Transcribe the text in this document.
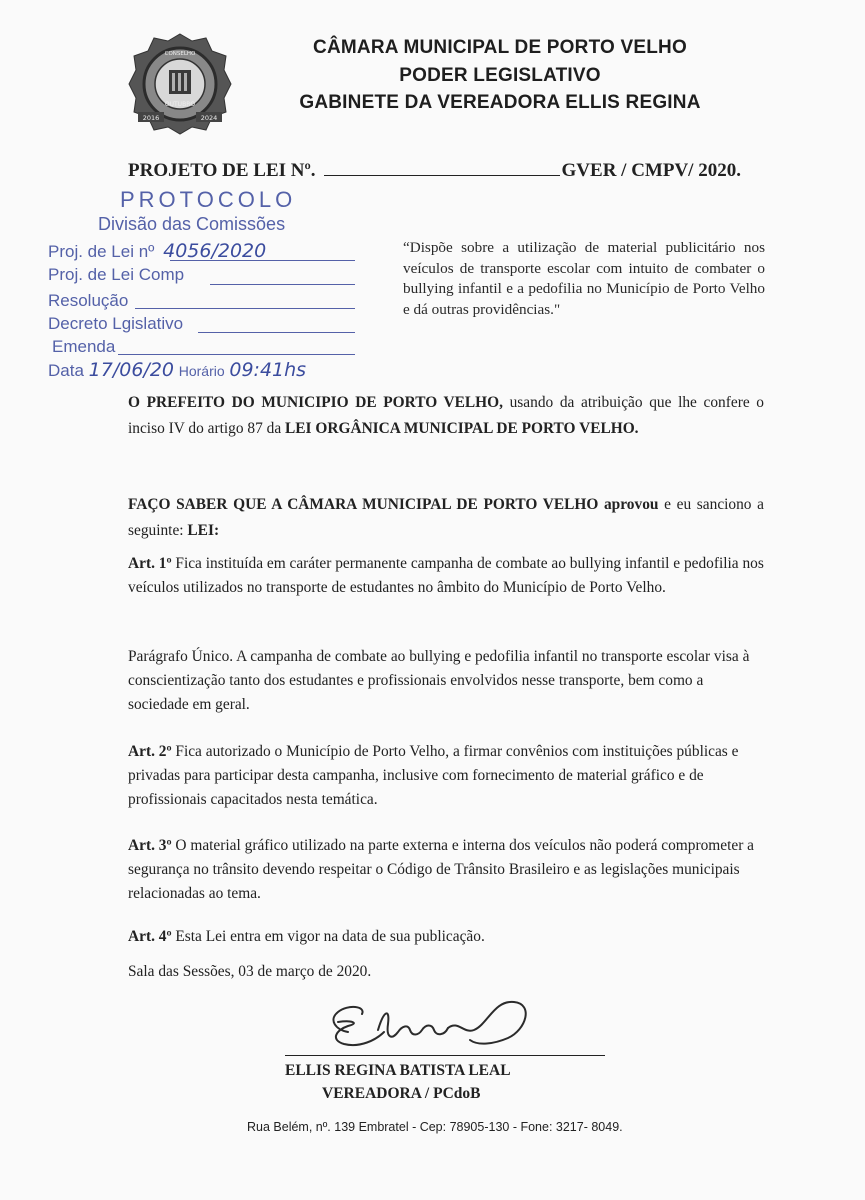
CONSELHO
OUTUBRO
2016	2024
CÂMARA MUNICIPAL DE PORTO VELHO
PODER LEGISLATIVO
GABINETE DA VEREADORA ELLIS REGINA
PROJETO DE LEI Nº.	GVER / CMPV/ 2020.
PROTOCOLO
Divisão das Comissões
Proj. de Lei nº 4056/2020
Proj. de Lei Comp
Resolução
Decreto Lgislativo
Emenda
Data 17/06/20 Horário 09:41hs
“Dispõe sobre a utilização de material publicitário nos veículos de transporte escolar com intuito de combater o bullying infantil e a pedofilia no Município de Porto Velho e dá outras providências."
O PREFEITO DO MUNICIPIO DE PORTO VELHO, usando da atribuição que lhe confere o inciso IV do artigo 87 da LEI ORGÂNICA MUNICIPAL DE PORTO VELHO.
FAÇO SABER QUE A CÂMARA MUNICIPAL DE PORTO VELHO aprovou e eu sanciono a seguinte: LEI:
Art. 1º Fica instituída em caráter permanente campanha de combate ao bullying infantil e pedofilia nos veículos utilizados no transporte de estudantes no âmbito do Município de Porto Velho.
Parágrafo Único. A campanha de combate ao bullying e pedofilia infantil no transporte escolar visa à conscientização tanto dos estudantes e profissionais envolvidos nesse transporte, bem como a sociedade em geral.
Art. 2º Fica autorizado o Município de Porto Velho, a firmar convênios com instituições públicas e privadas para participar desta campanha, inclusive com fornecimento de material gráfico e de profissionais capacitados nesta temática.
Art. 3º O material gráfico utilizado na parte externa e interna dos veículos não poderá comprometer a segurança no trânsito devendo respeitar o Código de Trânsito Brasileiro e as legislações municipais relacionadas ao tema.
Art. 4º Esta Lei entra em vigor na data de sua publicação.
Sala das Sessões, 03 de março de 2020.
ELLIS REGINA BATISTA LEAL
VEREADORA / PCdoB
Rua Belém, nº. 139 Embratel - Cep: 78905-130 - Fone: 3217- 8049.
